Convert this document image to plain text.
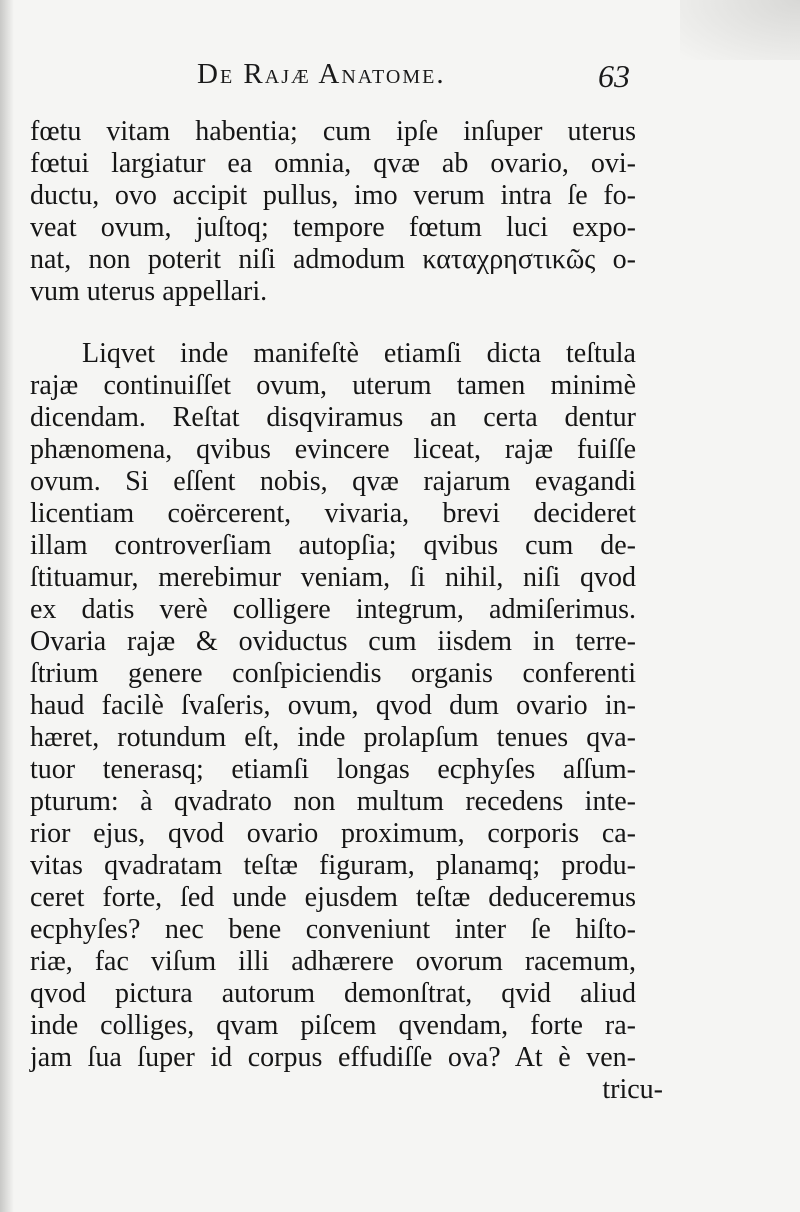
De Rajæ Anatome.	63
fœtu vitam habentia; cum ipſe inſuper uterus
fœtui largiatur ea omnia, qvæ ab ovario, ovi-
ductu, ovo accipit pullus, imo verum intra ſe fo-
veat ovum, juſtoq; tempore fœtum luci expo-
nat, non poterit niſi admodum καταχρηστικῶς o-
vum uterus appellari.
Liqvet inde manifeſtè etiamſi dicta teſtula
rajæ continuiſſet ovum, uterum tamen minimè
dicendam. Reſtat disqviramus an certa dentur
phænomena, qvibus evincere liceat, rajæ fuiſſe
ovum. Si eſſent nobis, qvæ rajarum evagandi
licentiam coërcerent, vivaria, brevi decideret
illam controverſiam autopſia; qvibus cum de-
ſtituamur, merebimur veniam, ſi nihil, niſi qvod
ex datis verè colligere integrum, admiſerimus.
Ovaria rajæ & oviductus cum iisdem in terre-
ſtrium genere conſpiciendis organis conferenti
haud facilè ſvaſeris, ovum, qvod dum ovario in-
hæret, rotundum eſt, inde prolapſum tenues qva-
tuor tenerasq; etiamſi longas ecphyſes aſſum-
pturum: à qvadrato non multum recedens inte-
rior ejus, qvod ovario proximum, corporis ca-
vitas qvadratam teſtæ figuram, planamq; produ-
ceret forte, ſed unde ejusdem teſtæ deduceremus
ecphyſes? nec bene conveniunt inter ſe hiſto-
riæ, fac viſum illi adhærere ovorum racemum,
qvod pictura autorum demonſtrat, qvid aliud
inde colliges, qvam piſcem qvendam, forte ra-
jam ſua ſuper id corpus effudiſſe ova? At è ven-
tricu-
